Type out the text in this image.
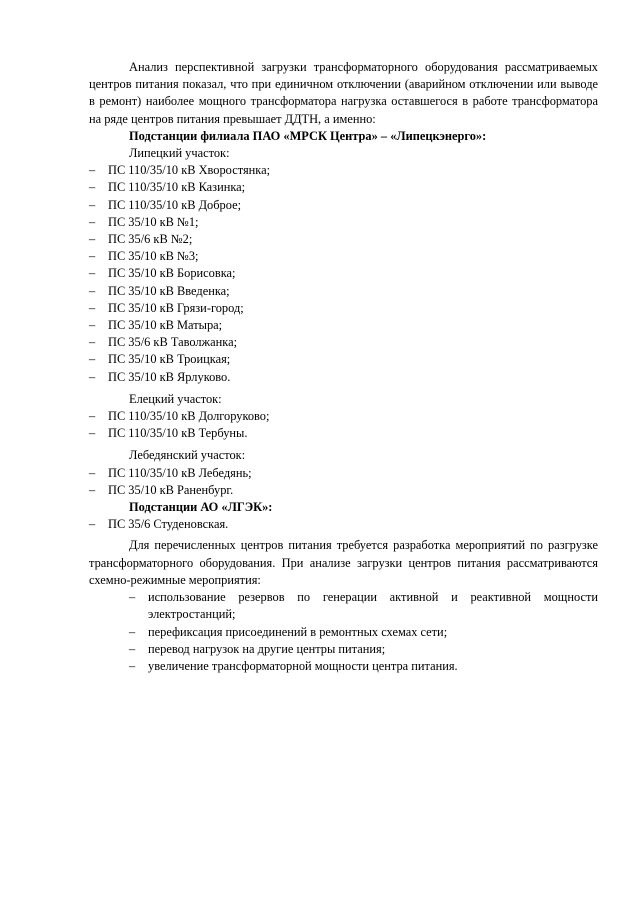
Анализ перспективной загрузки трансформаторного оборудования рассматриваемых центров питания показал, что при единичном отключении (аварийном отключении или выводе в ремонт) наиболее мощного трансформатора нагрузка оставшегося в работе трансформатора на ряде центров питания превышает ДДТН, а именно:

Подстанции филиала ПАО «МРСК Центра» – «Липецкэнерго»:

Липецкий участок:

– ПС 110/35/10 кВ Хворостянка;
– ПС 110/35/10 кВ Казинка;
– ПС 110/35/10 кВ Доброе;
– ПС 35/10 кВ №1;
– ПС 35/6 кВ №2;
– ПС 35/10 кВ №3;
– ПС 35/10 кВ Борисовка;
– ПС 35/10 кВ Введенка;
– ПС 35/10 кВ Грязи-город;
– ПС 35/10 кВ Матыра;
– ПС 35/6 кВ Таволжанка;
– ПС 35/10 кВ Троицкая;
– ПС 35/10 кВ Ярлуково.

Елецкий участок:

– ПС 110/35/10 кВ Долгоруково;
– ПС 110/35/10 кВ Тербуны.

Лебедянский участок:

– ПС 110/35/10 кВ Лебедянь;
– ПС 35/10 кВ Раненбург.

Подстанции АО «ЛГЭК»:

– ПС 35/6 Студеновская.

Для перечисленных центров питания требуется разработка мероприятий по разгрузке трансформаторного оборудования. При анализе загрузки центров питания рассматриваются схемно-режимные мероприятия:

– использование резервов по генерации активной и реактивной мощности электростанций;
– перефиксация присоединений в ремонтных схемах сети;
– перевод нагрузок на другие центры питания;
– увеличение трансформаторной мощности центра питания.
